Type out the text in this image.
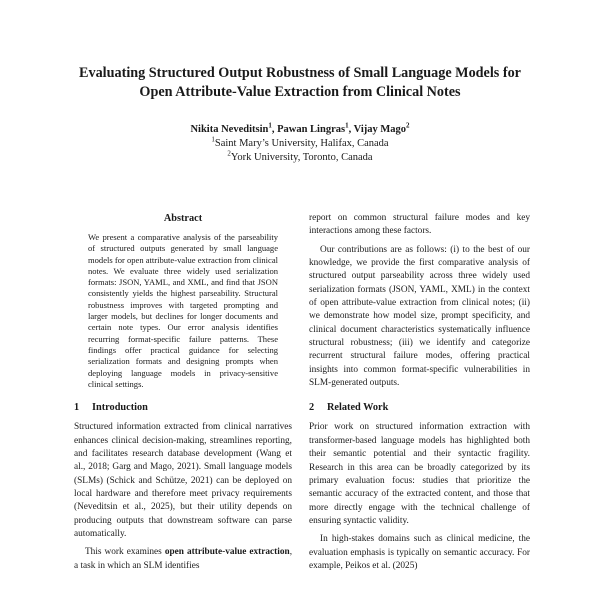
Evaluating Structured Output Robustness of Small Language Models for
Open Attribute-Value Extraction from Clinical Notes
Nikita Neveditsin$^1$, Pawan Lingras$^1$, Vijay Mago$^2$
$^1$Saint Mary’s University, Halifax, Canada
$^2$York University, Toronto, Canada
Abstract

We present a comparative analysis of the parseability of structured outputs generated by small language models for open attribute-value extraction from clinical notes. We evaluate three widely used serialization formats: JSON, YAML, and XML, and find that JSON consistently yields the highest parseability. Structural robustness improves with targeted prompting and larger models, but declines for longer documents and certain note types. Our error analysis identifies recurring format-specific failure patterns. These findings offer practical guidance for selecting serialization formats and designing prompts when deploying language models in privacy-sensitive clinical settings.

1 Introduction

Structured information extracted from clinical narratives enhances clinical decision-making, streamlines reporting, and facilitates research database development (Wang et al., 2018; Garg and Mago, 2021). Small language models (SLMs) (Schick and Schütze, 2021) can be deployed on local hardware and therefore meet privacy requirements (Neveditsin et al., 2025), but their utility depends on producing outputs that downstream software can parse automatically.

This work examines open attribute-value extraction, a task in which an SLM identifies

report on common structural failure modes and key interactions among these factors.

Our contributions are as follows: (i) to the best of our knowledge, we provide the first comparative analysis of structured output parseability across three widely used serialization formats (JSON, YAML, XML) in the context of open attribute-value extraction from clinical notes; (ii) we demonstrate how model size, prompt specificity, and clinical document characteristics systematically influence structural robustness; (iii) we identify and categorize recurrent structural failure modes, offering practical insights into common format-specific vulnerabilities in SLM-generated outputs.

2 Related Work

Prior work on structured information extraction with transformer-based language models has highlighted both their semantic potential and their syntactic fragility. Research in this area can be broadly categorized by its primary evaluation focus: studies that prioritize the semantic accuracy of the extracted content, and those that more directly engage with the technical challenge of ensuring syntactic validity.

In high-stakes domains such as clinical medicine, the evaluation emphasis is typically on semantic accuracy. For example, Peikos et al. (2025)
